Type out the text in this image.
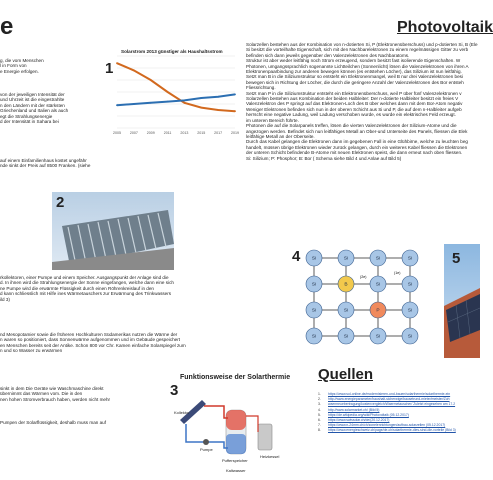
e	Photovoltaik
g, die vom Menschen
l in Form von
e Energie erfolgen.
von der jeweiligen Intensität der
und Uhrzeit ist die eingestrahlte
n den Ländern mit der stärksten
Griechenland und Italien als auch
egt die Strahlungsenergie
d der Intensität in Sahara bei
auf einem Einfamilienhaus kostet ungefähr
nde sinkt der Preis auf 8500 Franken. (siehe
rkollektoren, einer Pumpe und einem Speicher. Ausgangspunkt der Anlage sind die
d. In ihnen wird die Strahlungsenergie der Sonne eingefangen, welche dann eine sich
ne Pumpe wird die erwärmte Flüssigkeit durch einen Röhrenkreislauf in den
d kann schliesslich mit Hilfe ines Wärmetauschers zur Erwärmung des Trinkwassers
ild 3)
nd Mesopotamier sowie die früheren Hochkulturen Südamerikas nutzen die Wärme der
n waren so positioniert, dass Sonnenwärme aufgenommen und im Gebäude gespeichert
en Menschen bereits seit der Antike. Schon 800 vor Chr. Kamen einfache Solarspiegel zum
n und so Wasser zu erwärmen
sinkt in dem Die Geräte wie Waschmaschine direkt
übernimmt das Wärmen vom. Die in den
nen hohen Stromverbrauch haben, werden nicht mehr
Pumpen der Solarflüssigkeit, deshalb muss man auf
1
Solarstrom 2013 günstiger als Haushaltsstrom
2005 2007 2009 2011 2013 2015 2017 2019
2
3
Funktionsweise der Solarthermie
Kollektor
Pumpe
Pufferspeicher
Kaltwasser
Heizkessel
Solarzellen bestehen aus der Kombination von n-dotierten Si, P (Elektronenüberschuss) und p-dotierten Si, B (Ele
Si besitzt die vorteilhafte Eigenschaft, sich mit den Nachbarelektronen zu einem regelmässigen Gitter zu verb
befinden sich dann jeweils gegenüber den Valenzelektronen des Nachbaratoms.
Struktur ist aber weder leitfähig noch Strom erzeugend, sondern besitzt fast isolierende Eigenschaften. W
Photonen, umgangssprachlich sogenannte Lichtteilchen (Sonnenlicht) lösen die Valenzelektronen von ihren A
Elektronenpaarbindung zur anderen bewegen können (es entstehen Löcher), das Silizium ist nun leitfähig.
Setzt man B in die Siliziumstruktur so entsteht ein Elektronenmangel, weil B nur drei Valenzelektronen besi
bewegen sich in Richtung der Löcher, die durch die geringere Anzahl der Valenzelektronen des Bor entsteh
Fliessrichtung.
Setzt man P in die Siliziumstruktur entsteht ein Elektronenüberschuss, weil P über fünf Valenzelektronen v
Solarzellen bestehen aus Kombination der beiden Halbleiter: Der n-dotierte Halbleiter besitzt ein freies V
Valenzelektron des P springt auf das Elektronen-Loch des B über welches dann mit dem Bor-Atom negativ
Weniger Elektronen befinden sich nun in der oberen Schicht aus Si und P, die auf dem n-Halbleiter aufgeb
herrscht eine negative Ladung, weil Ladung verschoben wurde, es wurde ein elektrisches Feld erzeugt.
im unteren Bereich führte.
Photonen die auf die Solarpanels treffen, lösen die vierten Valenzelektronen der Silizium-Atome und die
angezogen werden. Befindet sich nun leitfähiges Metall an Ober-und Unterseite des Panels, fliessen die Elek
leitfähige Metall an der Oberseite.
Durch das Kabel gelangen die Elektronen dann im gegebenen Fall in eine Glühbirne, welche zu leuchten beg
handelt, müssen übrige Elektronen wieder zurück gelangen, durch ein weiteres Kabel fliessen die Elektronen
der unteren Schicht befindende B-Atome mit neuen Elektronen speist, die dann erneut nach oben fliessen.
Si: Silizium; P: Phosphor; B: Bor ( Schema siehe Bild 4 und Anlae auf Bild 5)
4 Si	Si	Si	Si
Si	B	Si	Si
Si	Si	P	Si
Si	Si	Si	Si
(2e)
(1e)
5
Quellen
1. https://www.sol-online.de/modernisieren-und-bauen/solarthermie/solarthermie-ein
2. http://www.energieparameter/haushalt-sicherwige/bausetrund-mieter/meister/Zuh
3. waermeuebertragung/kostenvergleich/Waermetauscher/ Zuletzt eingesehen am 17.2
4. http://www.solarmarket.ch/ (Bild 5)
5. https://de.wikipedia.org/wiki/Photovoltaik (05.12.2017)
6. https://www.swissolar.ch/de/(20.12.2017)
7. https://www.n-24mm.ch/ch/zonelenrichtungen/aufbau-solarzellen (05.12.2017)
8. https://www.energieschweiz.ch/page/de-ch/solarthermie-dies-sind-die-vorteile (Bild 3)
